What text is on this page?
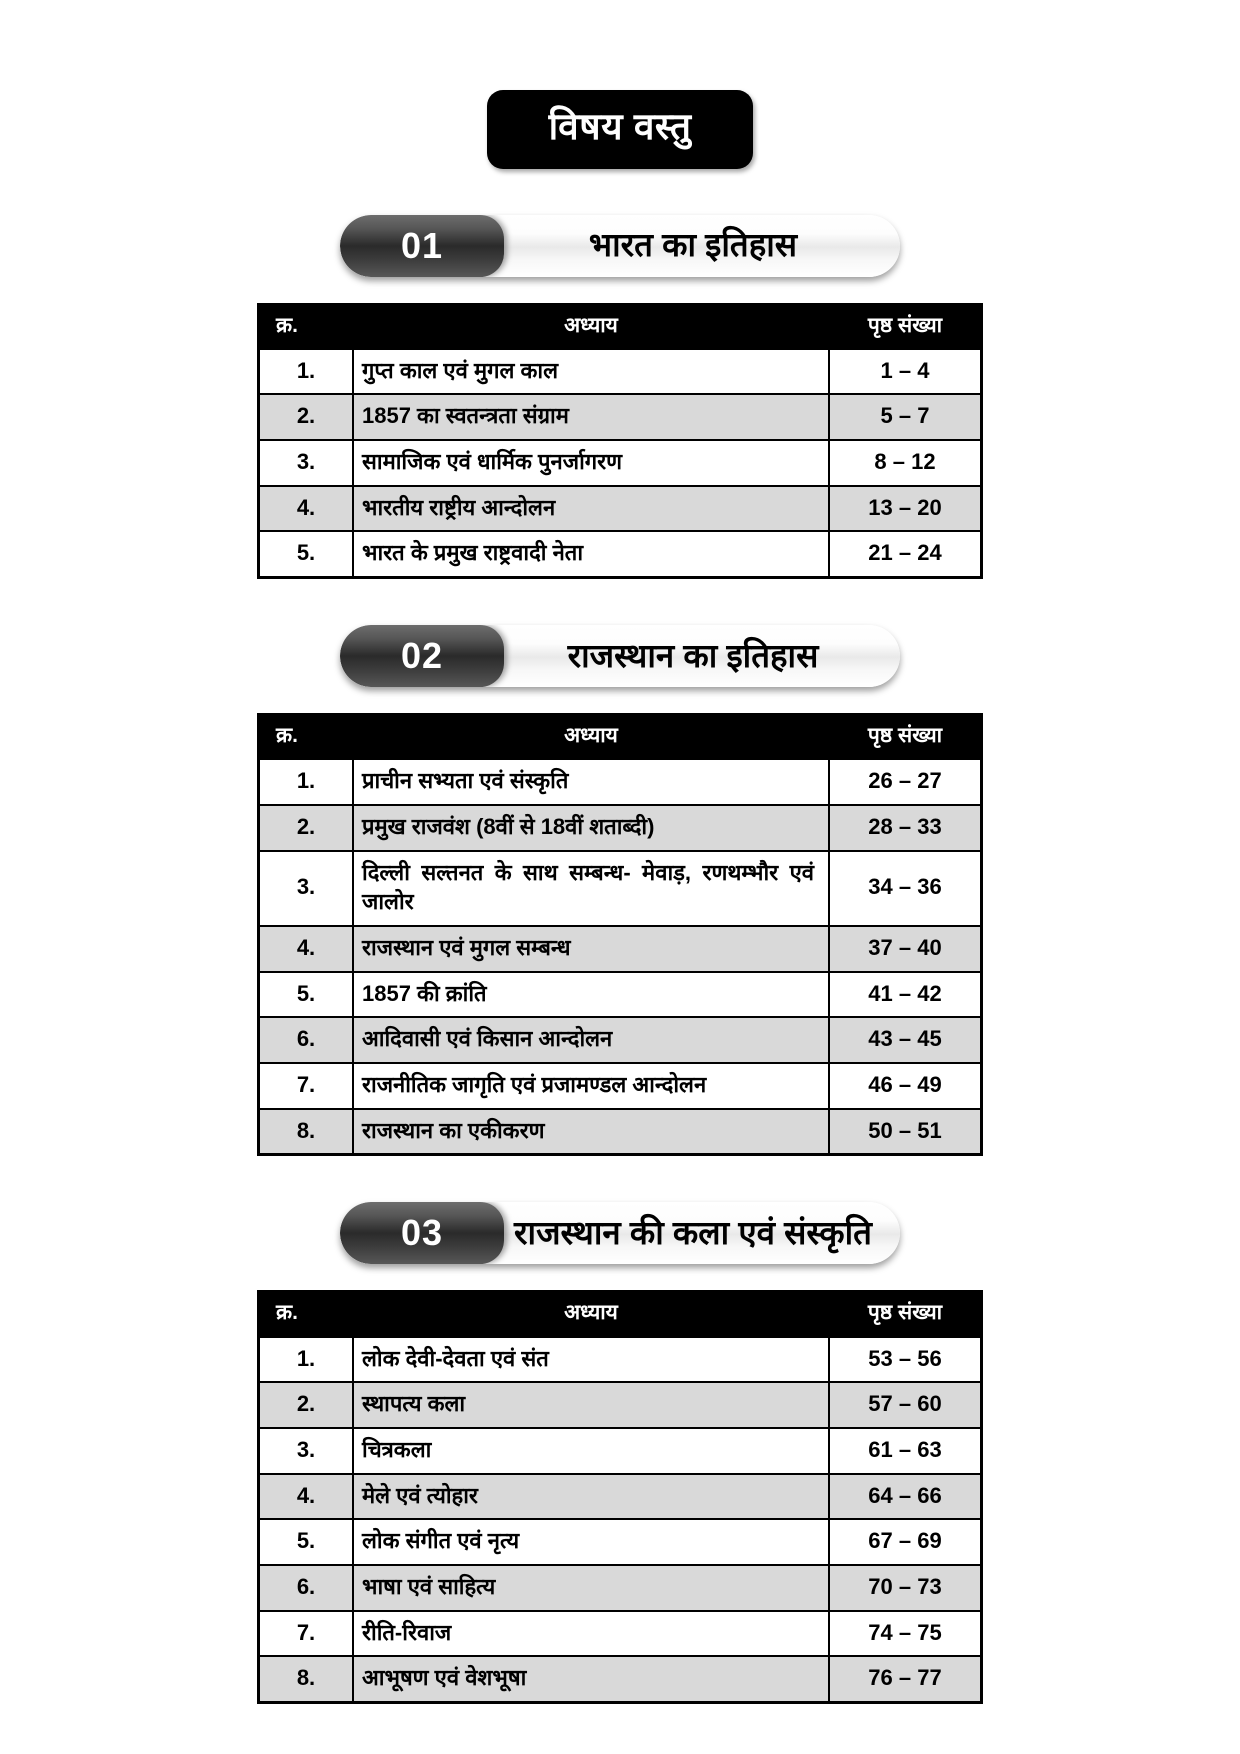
विषय वस्तु
01	भारत का इतिहास
क्र.	अध्याय	पृष्ठ संख्या
1.	गुप्त काल एवं मुगल काल	1 – 4
2.	1857 का स्वतन्त्रता संग्राम	5 – 7
3.	सामाजिक एवं धार्मिक पुनर्जागरण	8 – 12
4.	भारतीय राष्ट्रीय आन्दोलन	13 – 20
5.	भारत के प्रमुख राष्ट्रवादी नेता	21 – 24
02	राजस्थान का इतिहास
क्र.	अध्याय	पृष्ठ संख्या
1.	प्राचीन सभ्यता एवं संस्कृति	26 – 27
2.	प्रमुख राजवंश (8वीं से 18वीं शताब्दी)	28 – 33
3.	दिल्ली सल्तनत के साथ सम्बन्ध- मेवाड़, रणथम्भौर एवं जालोर	34 – 36
4.	राजस्थान एवं मुगल सम्बन्ध	37 – 40
5.	1857 की क्रांति	41 – 42
6.	आदिवासी एवं किसान आन्दोलन	43 – 45
7.	राजनीतिक जागृति एवं प्रजामण्डल आन्दोलन	46 – 49
8.	राजस्थान का एकीकरण	50 – 51
03	राजस्थान की कला एवं संस्कृति
क्र.	अध्याय	पृष्ठ संख्या
1.	लोक देवी-देवता एवं संत	53 – 56
2.	स्थापत्य कला	57 – 60
3.	चित्रकला	61 – 63
4.	मेले एवं त्योहार	64 – 66
5.	लोक संगीत एवं नृत्य	67 – 69
6.	भाषा एवं साहित्य	70 – 73
7.	रीति-रिवाज	74 – 75
8.	आभूषण एवं वेशभूषा	76 – 77
